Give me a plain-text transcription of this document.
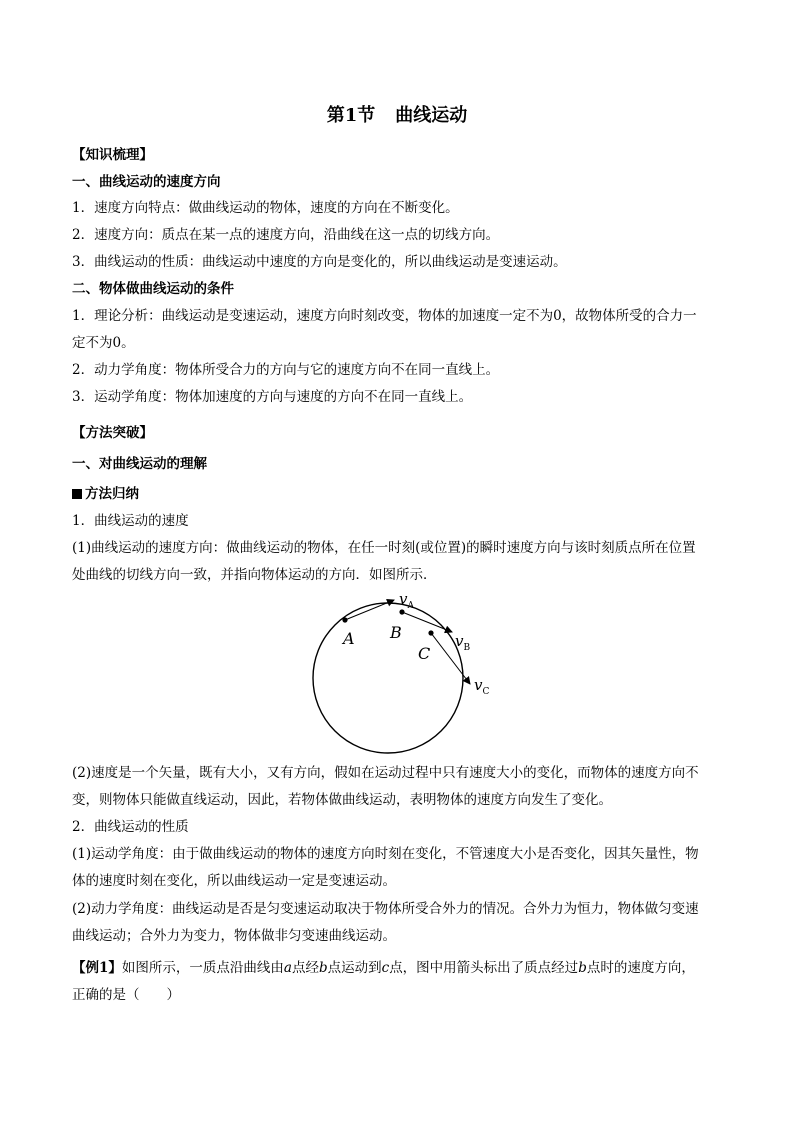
第1节 曲线运动
【知识梳理】
一、曲线运动的速度方向
1．速度方向特点：做曲线运动的物体，速度的方向在不断变化。
2．速度方向：质点在某一点的速度方向，沿曲线在这一点的切线方向。
3．曲线运动的性质：曲线运动中速度的方向是变化的，所以曲线运动是变速运动。
二、物体做曲线运动的条件
1．理论分析：曲线运动是变速运动，速度方向时刻改变，物体的加速度一定不为0，故物体所受的合力一
定不为0。
2．动力学角度：物体所受合力的方向与它的速度方向不在同一直线上。
3．运动学角度：物体加速度的方向与速度的方向不在同一直线上。
【方法突破】
一、对曲线运动的理解
方法归纳
1．曲线运动的速度
(1)曲线运动的速度方向：做曲线运动的物体，在任一时刻(或位置)的瞬时速度方向与该时刻质点所在位置
处曲线的切线方向一致，并指向物体运动的方向．如图所示．
A B
C
$v_A$
$v_B$
$v_C$
(2)速度是一个矢量，既有大小，又有方向，假如在运动过程中只有速度大小的变化，而物体的速度方向不
变，则物体只能做直线运动，因此，若物体做曲线运动，表明物体的速度方向发生了变化。
2．曲线运动的性质
(1)运动学角度：由于做曲线运动的物体的速度方向时刻在变化，不管速度大小是否变化，因其矢量性，物
体的速度时刻在变化，所以曲线运动一定是变速运动。
(2)动力学角度：曲线运动是否是匀变速运动取决于物体所受合外力的情况。合外力为恒力，物体做匀变速
曲线运动；合外力为变力，物体做非匀变速曲线运动。
【例1】如图所示，一质点沿曲线由a点经b点运动到c点，图中用箭头标出了质点经过b点时的速度方向，
正确的是（　　）
